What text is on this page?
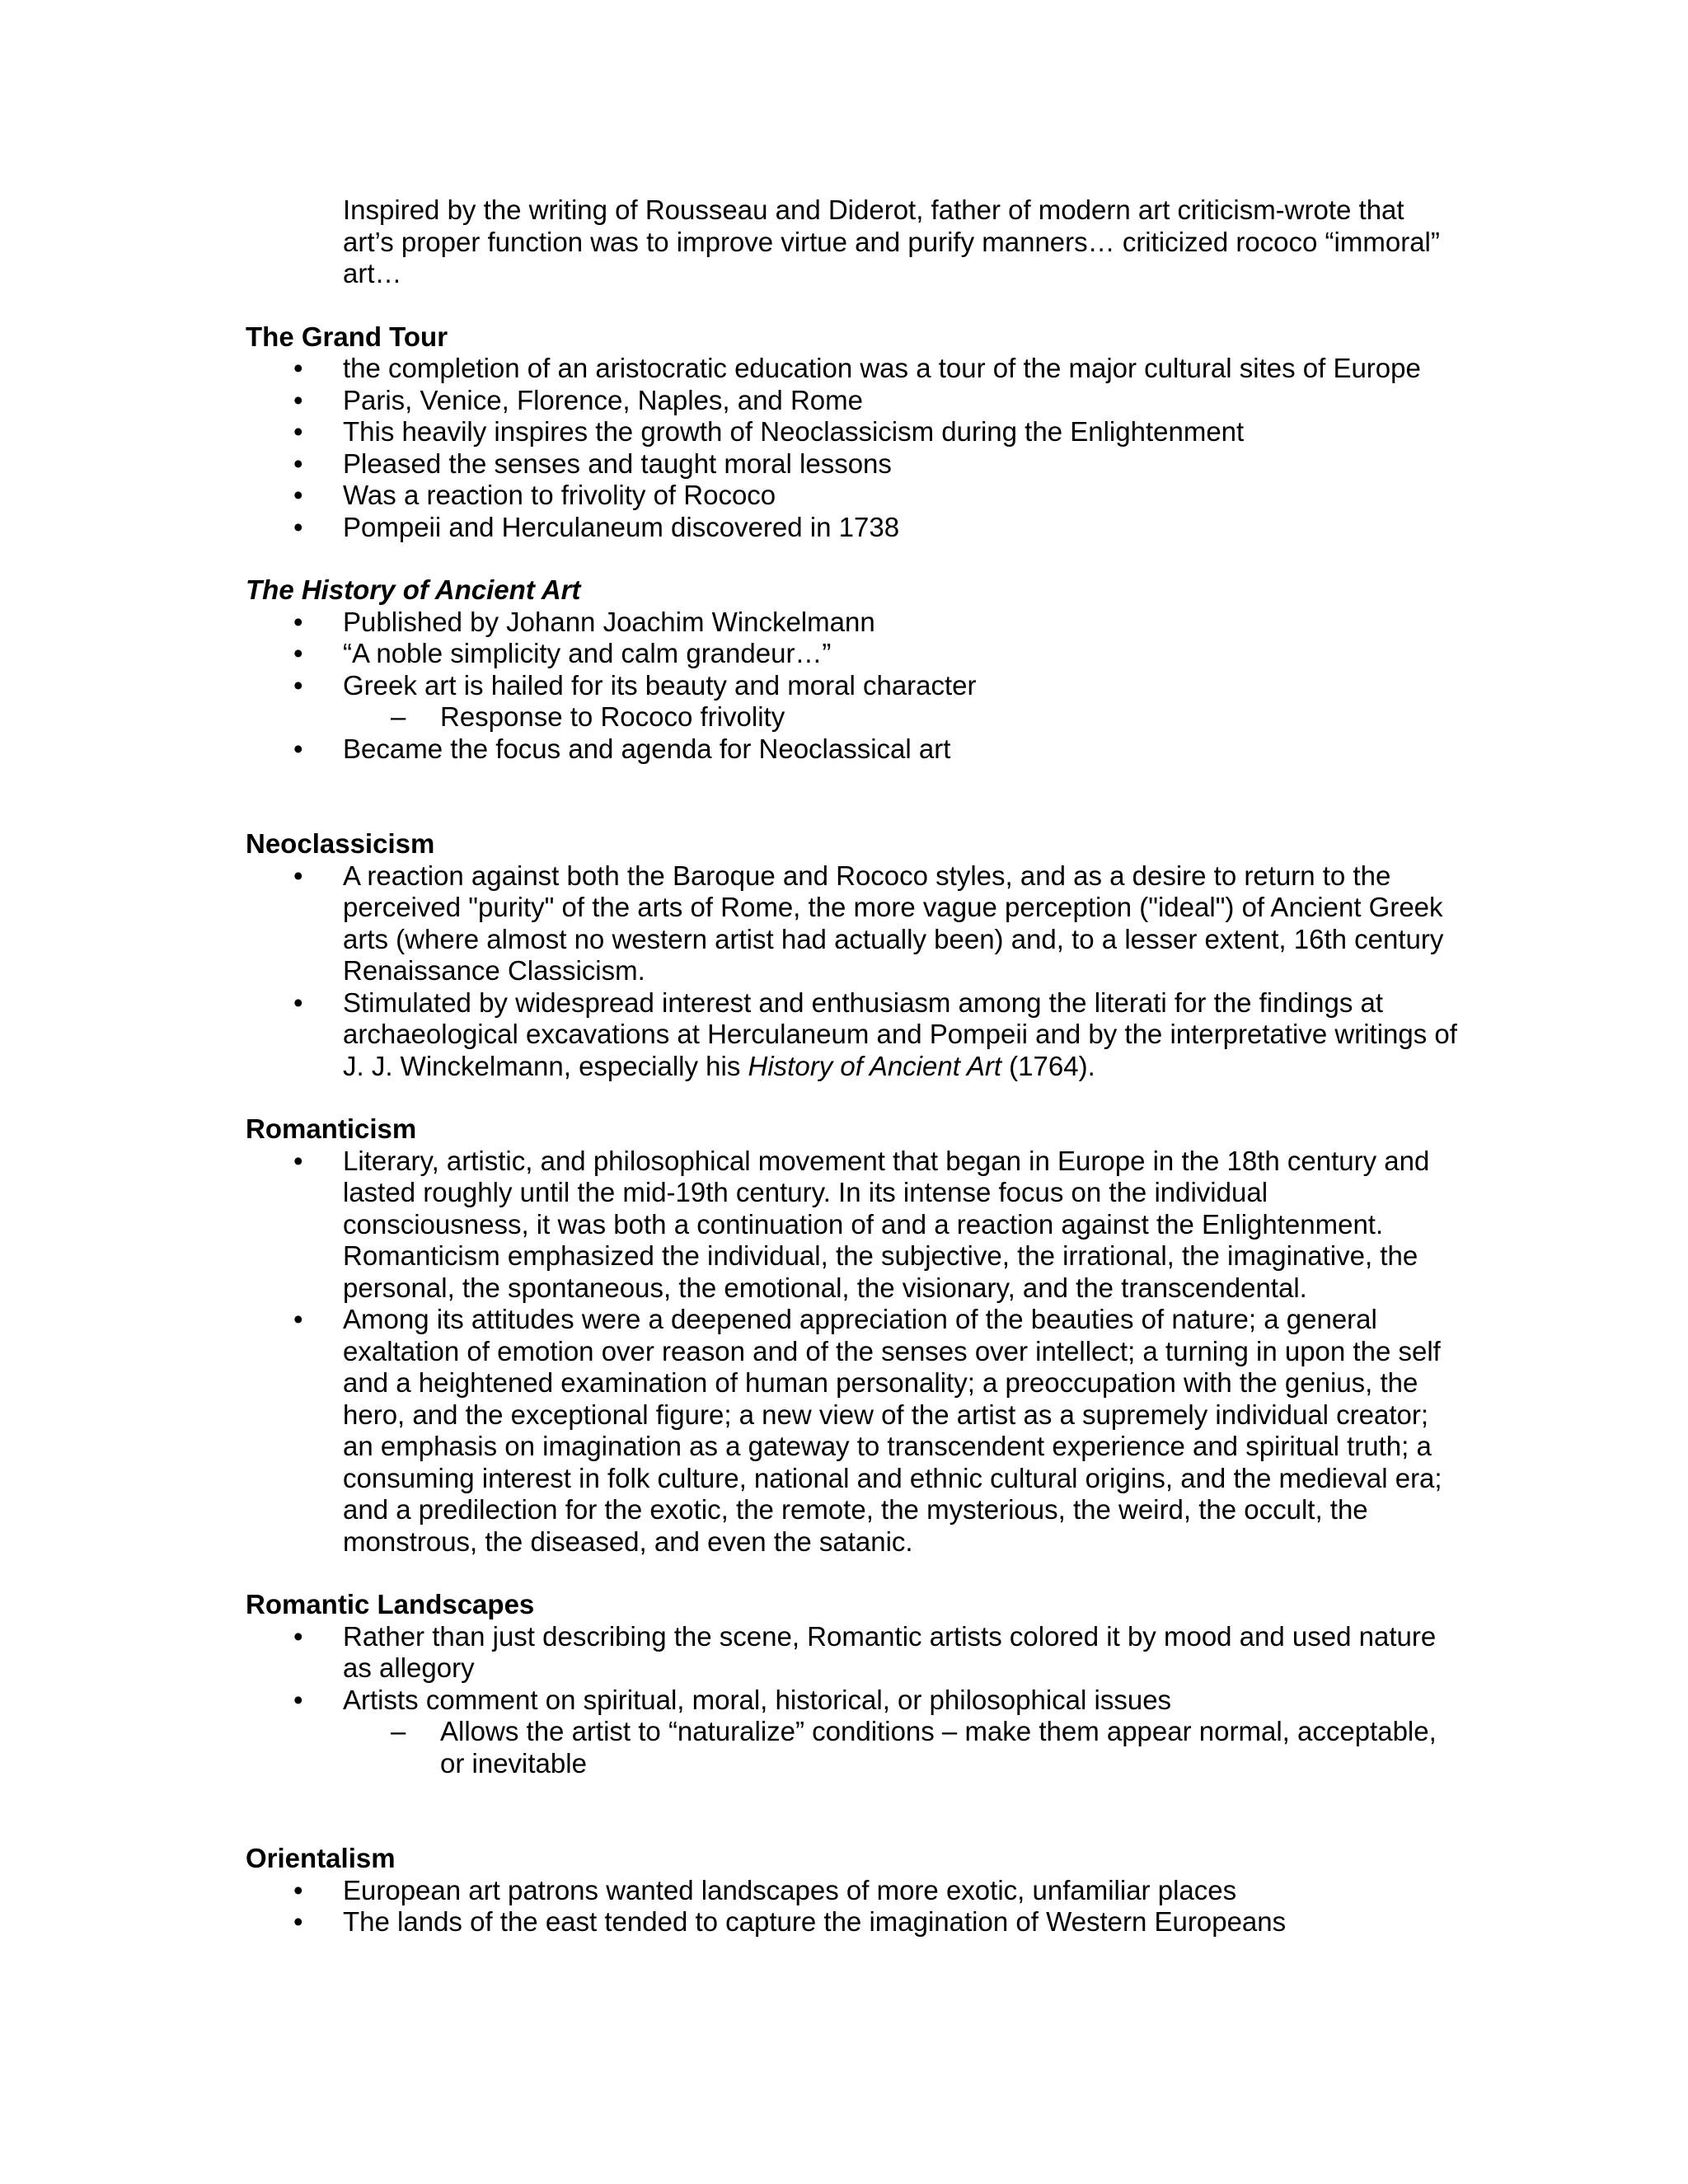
Inspired by the writing of Rousseau and Diderot, father of modern art criticism-wrote that art’s proper function was to improve virtue and purify manners… criticized rococo “immoral” art…
The Grand Tour
• the completion of an aristocratic education was a tour of the major cultural sites of Europe
• Paris, Venice, Florence, Naples, and Rome
• This heavily inspires the growth of Neoclassicism during the Enlightenment
• Pleased the senses and taught moral lessons
• Was a reaction to frivolity of Rococo
• Pompeii and Herculaneum discovered in 1738
The History of Ancient Art
• Published by Johann Joachim Winckelmann
• “A noble simplicity and calm grandeur…”
• Greek art is hailed for its beauty and moral character
– Response to Rococo frivolity
• Became the focus and agenda for Neoclassical art
Neoclassicism
• A reaction against both the Baroque and Rococo styles, and as a desire to return to the perceived "purity" of the arts of Rome, the more vague perception ("ideal") of Ancient Greek arts (where almost no western artist had actually been) and, to a lesser extent, 16th century Renaissance Classicism.
• Stimulated by widespread interest and enthusiasm among the literati for the findings at archaeological excavations at Herculaneum and Pompeii and by the interpretative writings of J. J. Winckelmann, especially his History of Ancient Art (1764).
Romanticism
• Literary, artistic, and philosophical movement that began in Europe in the 18th century and lasted roughly until the mid-19th century. In its intense focus on the individual consciousness, it was both a continuation of and a reaction against the Enlightenment. Romanticism emphasized the individual, the subjective, the irrational, the imaginative, the personal, the spontaneous, the emotional, the visionary, and the transcendental.
• Among its attitudes were a deepened appreciation of the beauties of nature; a general exaltation of emotion over reason and of the senses over intellect; a turning in upon the self and a heightened examination of human personality; a preoccupation with the genius, the hero, and the exceptional figure; a new view of the artist as a supremely individual creator; an emphasis on imagination as a gateway to transcendent experience and spiritual truth; a consuming interest in folk culture, national and ethnic cultural origins, and the medieval era; and a predilection for the exotic, the remote, the mysterious, the weird, the occult, the monstrous, the diseased, and even the satanic.
Romantic Landscapes
• Rather than just describing the scene, Romantic artists colored it by mood and used nature as allegory
• Artists comment on spiritual, moral, historical, or philosophical issues
– Allows the artist to “naturalize” conditions – make them appear normal, acceptable, or inevitable
Orientalism
• European art patrons wanted landscapes of more exotic, unfamiliar places
• The lands of the east tended to capture the imagination of Western Europeans
